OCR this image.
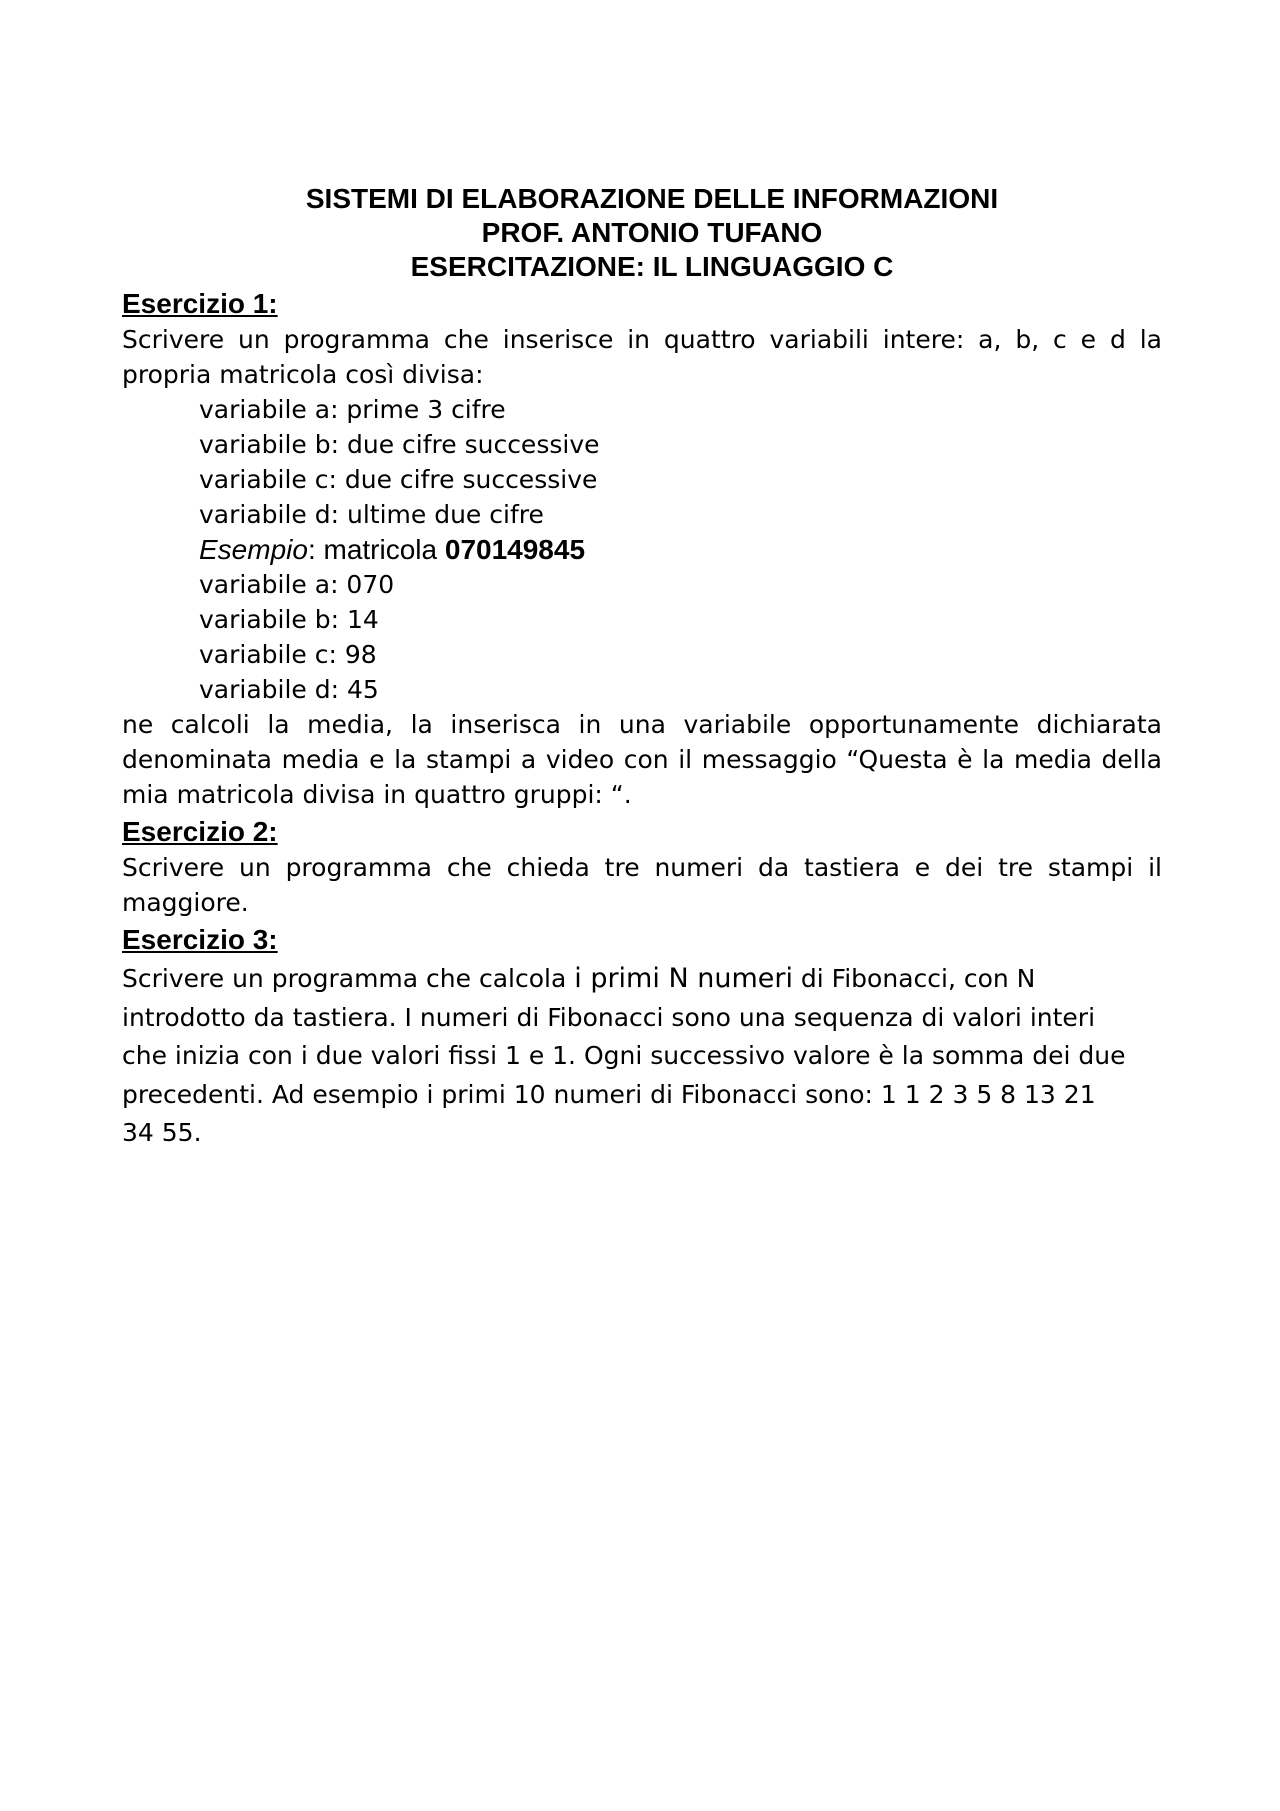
SISTEMI DI ELABORAZIONE DELLE INFORMAZIONI
PROF. ANTONIO TUFANO
ESERCITAZIONE: IL LINGUAGGIO C
Esercizio 1:
Scrivere un programma che inserisce in quattro variabili intere: a, b, c e d la propria matricola così divisa:
variabile a: prime 3 cifre
variabile b: due cifre successive
variabile c: due cifre successive
variabile d: ultime due cifre
Esempio: matricola 070149845
variabile a: 070
variabile b: 14
variabile c: 98
variabile d: 45
ne calcoli la media, la inserisca in una variabile opportunamente dichiarata denominata media e la stampi a video con il messaggio “Questa è la media della mia matricola divisa in quattro gruppi: “.
Esercizio 2:
Scrivere un programma che chieda tre numeri da tastiera e dei tre stampi il maggiore.
Esercizio 3:
Scrivere un programma che calcola i primi N numeri di Fibonacci, con N
introdotto da tastiera. I numeri di Fibonacci sono una sequenza di valori interi
che inizia con i due valori fissi 1 e 1. Ogni successivo valore è la somma dei due
precedenti. Ad esempio i primi 10 numeri di Fibonacci sono: 1 1 2 3 5 8 13 21
34 55.
